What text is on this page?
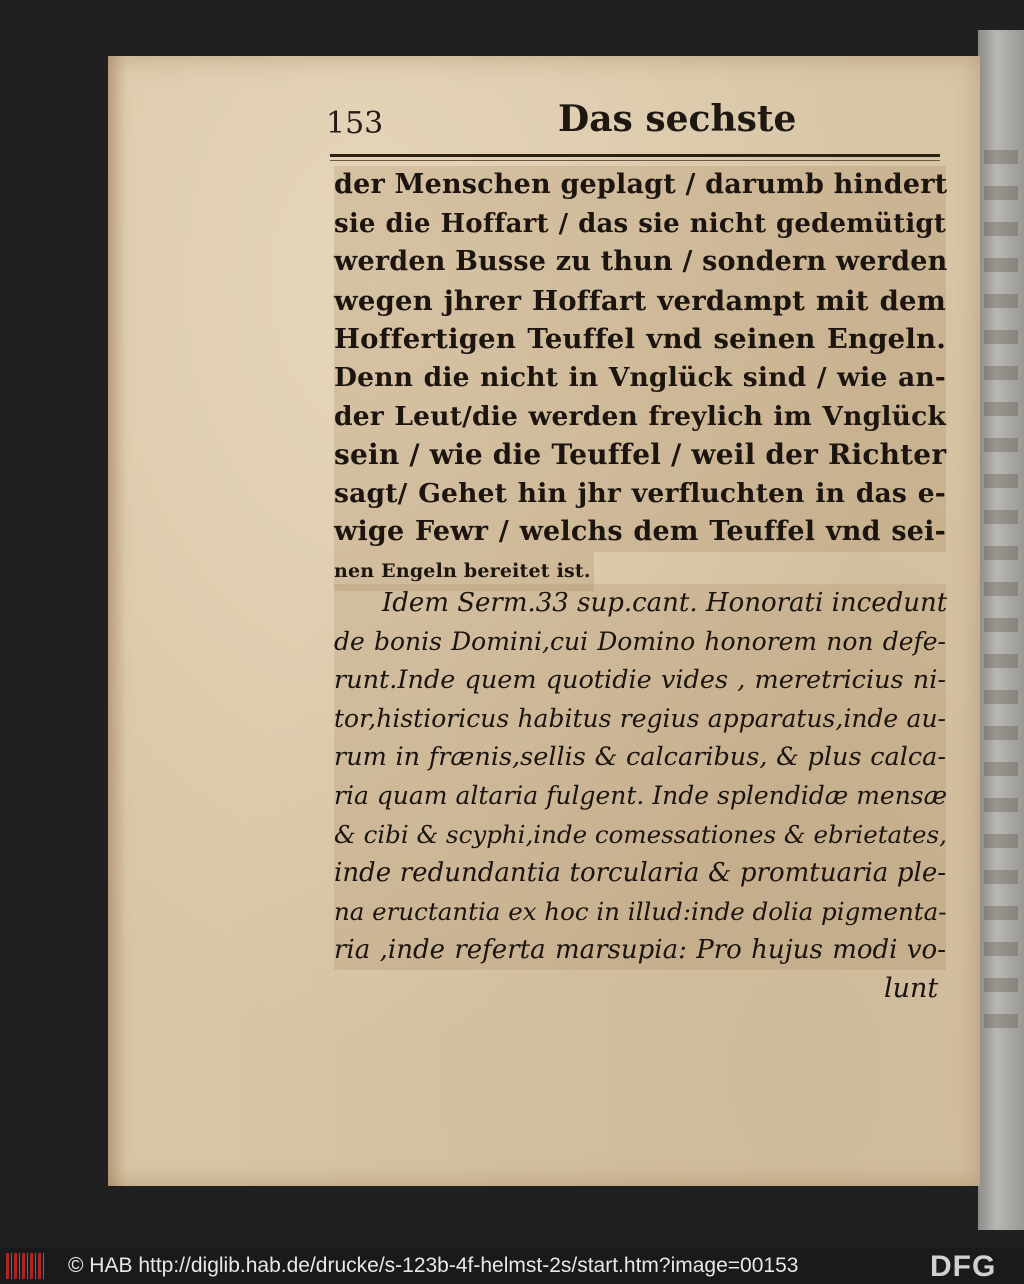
153	Das sechste
der Menschen geplagt / darumb hindert
sie die Hoffart / das sie nicht gedemütigt
werden Busse zu thun / sondern werden
wegen jhrer Hoffart verdampt mit dem
Hoffertigen Teuffel vnd seinen Engeln.
Denn die nicht in Vnglück sind / wie an-
der Leut/die werden freylich im Vnglück
sein / wie die Teuffel / weil der Richter
sagt/ Gehet hin jhr verfluchten in das e-
wige Fewr / welchs dem Teuffel vnd sei-
nen Engeln bereitet ist.
Idem Serm.33 sup.cant. Honorati incedunt
de bonis Domini,cui Domino honorem non defe-
runt.Inde quem quotidie vides , meretricius ni-
tor,histioricus habitus regius apparatus,inde au-
rum in frænis,sellis & calcaribus, & plus calca-
ria quam altaria fulgent. Inde splendidæ mensæ
& cibi & scyphi,inde comessationes & ebrietates,
inde redundantia torcularia & promtuaria ple-
na eructantia ex hoc in illud:inde dolia pigmenta-
ria ,inde referta marsupia: Pro hujus modi vo-
lunt
© HAB http://diglib.hab.de/drucke/s-123b-4f-helmst-2s/start.htm?image=00153	DFG
